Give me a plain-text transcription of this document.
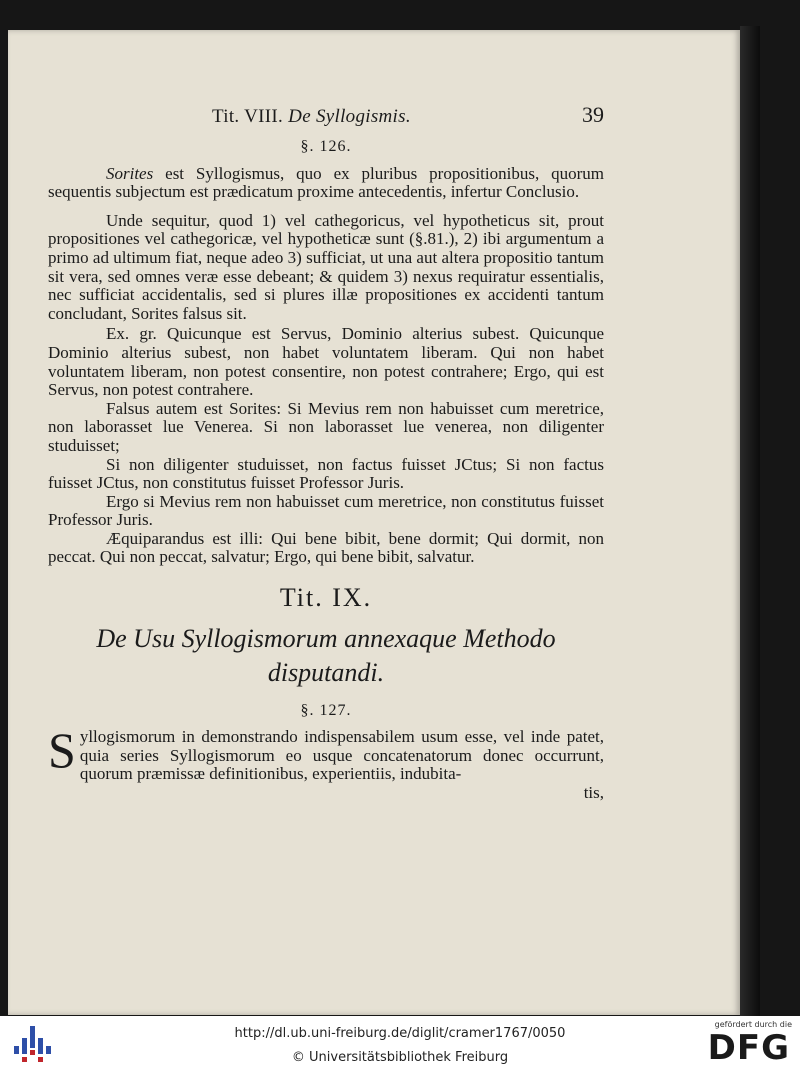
Tit. VIII. De Syllogismis.	39
§. 126.

Sorites est Syllogismus, quo ex pluribus propositionibus, quorum sequentis subjectum est prædicatum proxime antecedentis, infertur Conclusio.

Unde sequitur, quod 1) vel cathegoricus, vel hypotheticus sit, prout propositiones vel cathegoricæ, vel hypotheticæ sunt (§.81.), 2) ibi argumentum a primo ad ultimum fiat, neque adeo 3) sufficiat, ut una aut altera propositio tantum sit vera, sed omnes veræ esse debeant; & quidem 3) nexus requiratur essentialis, nec sufficiat accidentalis, sed si plures illæ propositiones ex accidenti tantum concludant, Sorites falsus sit.

Ex. gr. Quicunque est Servus, Dominio alterius subest. Quicunque Dominio alterius subest, non habet voluntatem liberam. Qui non habet voluntatem liberam, non potest consentire, non potest contrahere; Ergo, qui est Servus, non potest contrahere.

Falsus autem est Sorites: Si Mevius rem non habuisset cum meretrice, non laborasset lue Venerea. Si non laborasset lue venerea, non diligenter studuisset;

Si non diligenter studuisset, non factus fuisset JCtus; Si non factus fuisset JCtus, non constitutus fuisset Professor Juris.

Ergo si Mevius rem non habuisset cum meretrice, non constitutus fuisset Professor Juris.

Æquiparandus est illi: Qui bene bibit, bene dormit; Qui dormit, non peccat. Qui non peccat, salvatur; Ergo, qui bene bibit, salvatur.

Tit. IX.
De Usu Syllogismorum annexaque Methodo
disputandi.
§. 127.

Syllogismorum in demonstrando indispensabilem usum esse, vel inde patet, quia series Syllogismorum eo usque concatenatorum donec occurrunt, quorum præmissæ definitionibus, experientiis, indubita-

tis,
http://dl.ub.uni-freiburg.de/diglit/cramer1767/0050
© Universitätsbibliothek Freiburg
gefördert durch die
DFG
